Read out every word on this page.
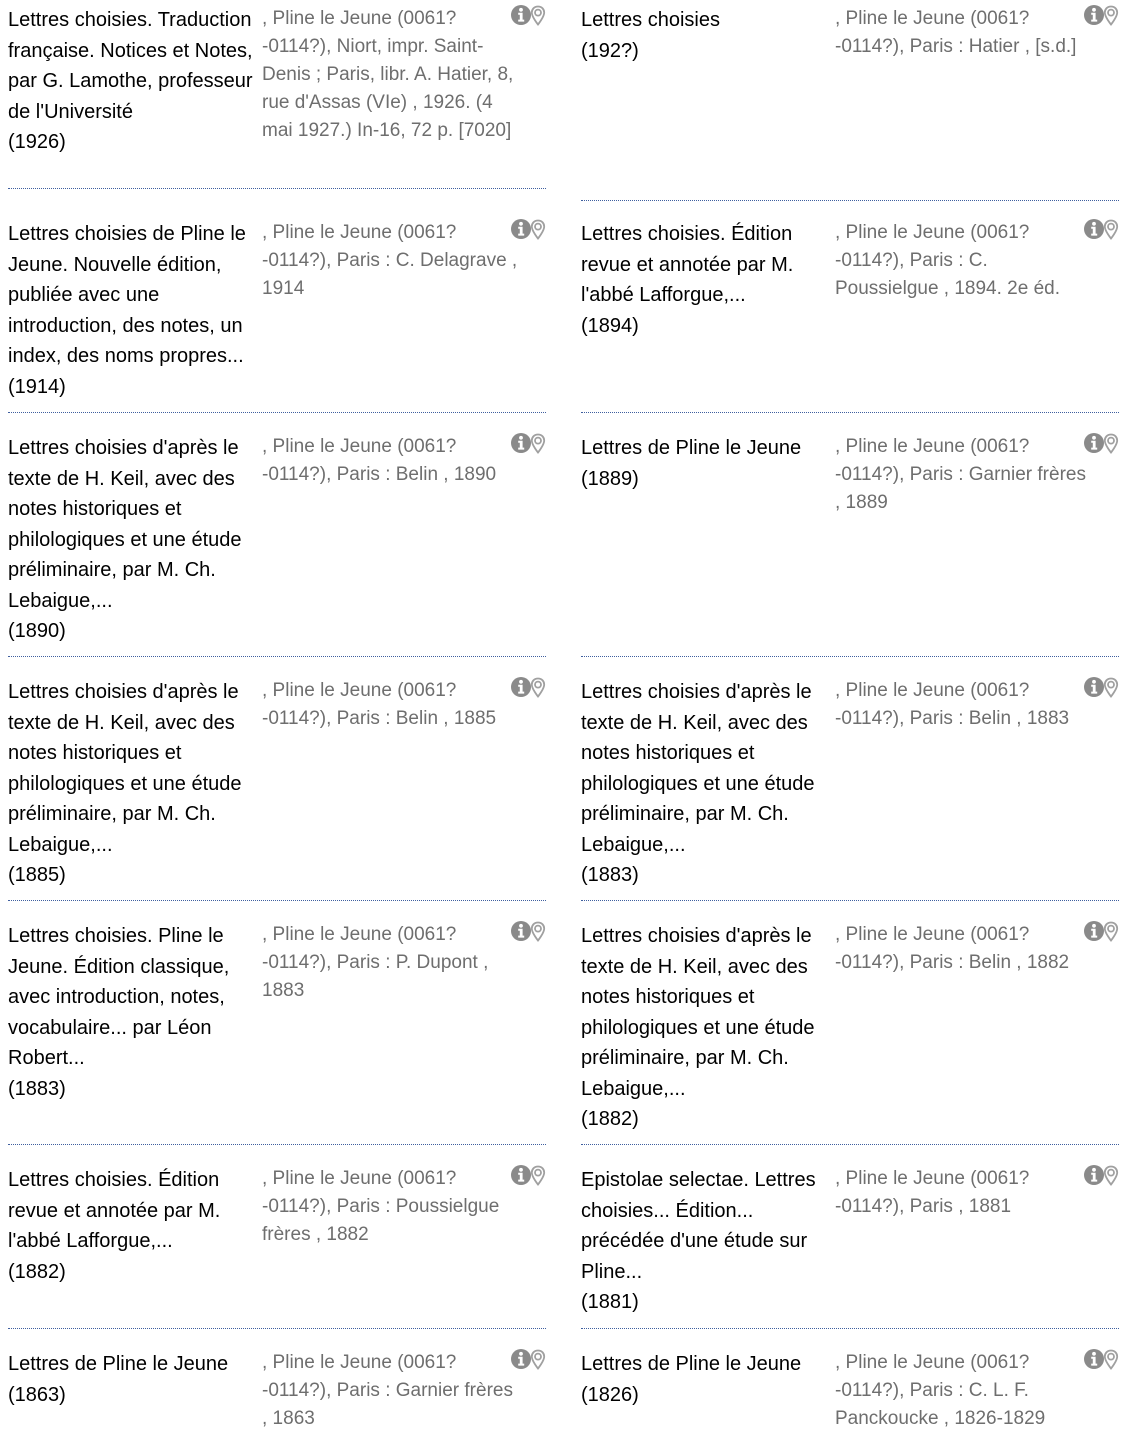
Lettres choisies. Traduction française. Notices et Notes, par G. Lamothe, professeur de l'Université
(1926)
, Pline le Jeune (0061?-0114?), Niort, impr. Saint-Denis ; Paris, libr. A. Hatier, 8, rue d'Assas (VIe) , 1926. (4 mai 1927.) In-16, 72 p. [7020]
Lettres choisies de Pline le Jeune. Nouvelle édition, publiée avec une introduction, des notes, un index, des noms propres...
(1914)
, Pline le Jeune (0061?-0114?), Paris : C. Delagrave , 1914
Lettres choisies d'après le texte de H. Keil, avec des notes historiques et philologiques et une étude préliminaire, par M. Ch. Lebaigue,...
(1890)
, Pline le Jeune (0061?-0114?), Paris : Belin , 1890
Lettres choisies d'après le texte de H. Keil, avec des notes historiques et philologiques et une étude préliminaire, par M. Ch. Lebaigue,...
(1885)
, Pline le Jeune (0061?-0114?), Paris : Belin , 1885
Lettres choisies. Pline le Jeune. Édition classique, avec introduction, notes, vocabulaire... par Léon Robert...
(1883)
, Pline le Jeune (0061?-0114?), Paris : P. Dupont , 1883
Lettres choisies. Édition revue et annotée par M. l'abbé Lafforgue,...
(1882)
, Pline le Jeune (0061?-0114?), Paris : Poussielgue frères , 1882
Lettres de Pline le Jeune
(1863)
, Pline le Jeune (0061?-0114?), Paris : Garnier frères , 1863
Lettres choisies
(192?)
, Pline le Jeune (0061?-0114?), Paris : Hatier , [s.d.]
Lettres choisies. Édition revue et annotée par M. l'abbé Lafforgue,...
(1894)
, Pline le Jeune (0061?-0114?), Paris : C. Poussielgue , 1894. 2e éd.
Lettres de Pline le Jeune
(1889)
, Pline le Jeune (0061?-0114?), Paris : Garnier frères , 1889
Lettres choisies d'après le texte de H. Keil, avec des notes historiques et philologiques et une étude préliminaire, par M. Ch. Lebaigue,...
(1883)
, Pline le Jeune (0061?-0114?), Paris : Belin , 1883
Lettres choisies d'après le texte de H. Keil, avec des notes historiques et philologiques et une étude préliminaire, par M. Ch. Lebaigue,...
(1882)
, Pline le Jeune (0061?-0114?), Paris : Belin , 1882
Epistolae selectae. Lettres choisies... Édition... précédée d'une étude sur Pline...
(1881)
, Pline le Jeune (0061?-0114?), Paris , 1881
Lettres de Pline le Jeune
(1826)
, Pline le Jeune (0061?-0114?), Paris : C. L. F. Panckoucke , 1826-1829
